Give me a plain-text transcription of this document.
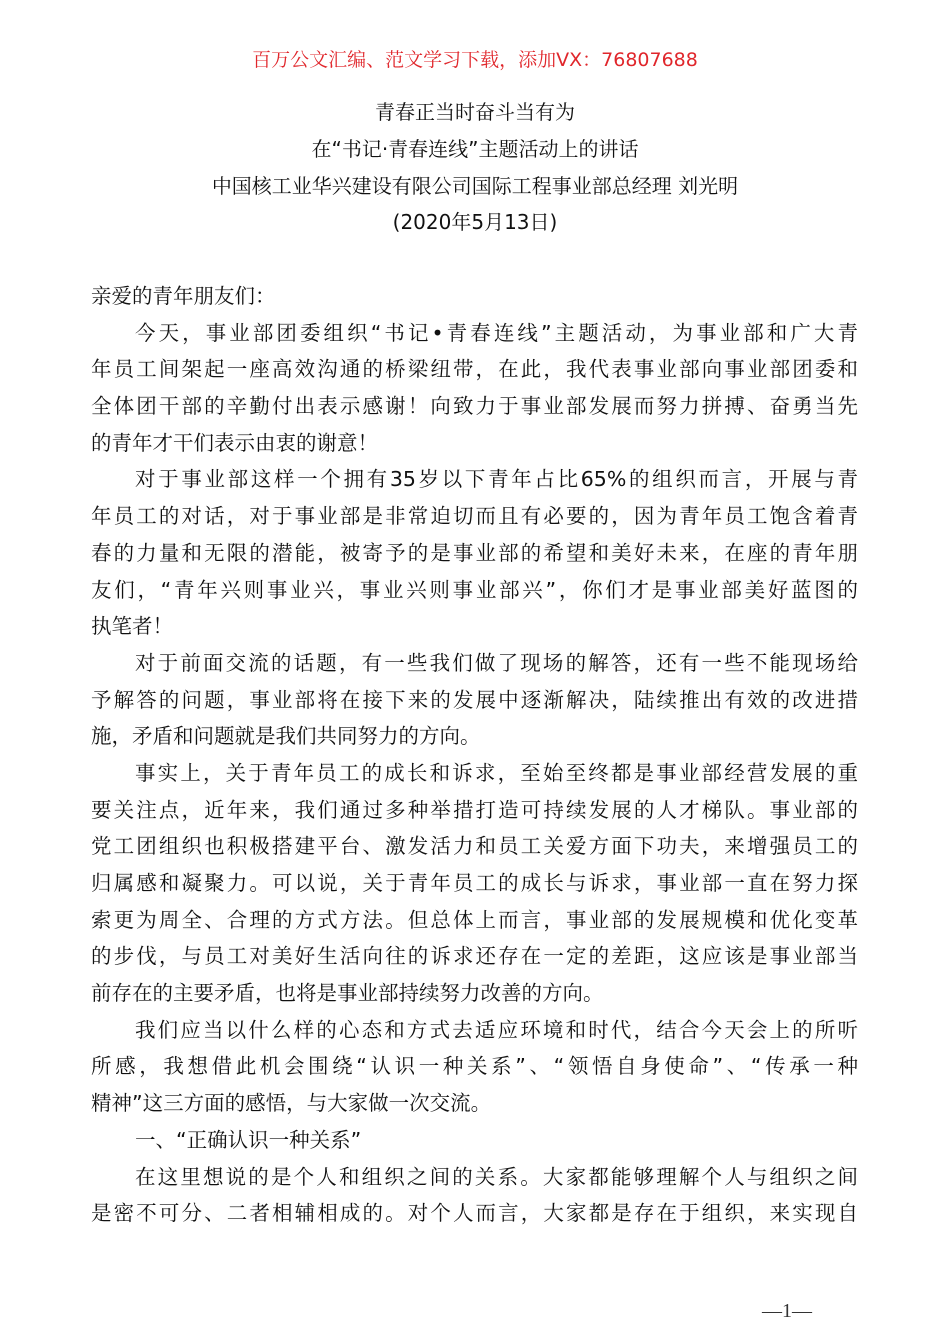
百万公文汇编、范文学习下载，添加VX：76807688
青春正当时奋斗当有为
在“书记·青春连线”主题活动上的讲话
中国核工业华兴建设有限公司国际工程事业部总经理 刘光明
(2020年5月13日)
亲爱的青年朋友们：
今天，事业部团委组织“书记•青春连线”主题活动，为事业部和广大青
年员工间架起一座高效沟通的桥梁纽带，在此，我代表事业部向事业部团委和
全体团干部的辛勤付出表示感谢！向致力于事业部发展而努力拼搏、奋勇当先
的青年才干们表示由衷的谢意！
对于事业部这样一个拥有35岁以下青年占比65%的组织而言，开展与青
年员工的对话，对于事业部是非常迫切而且有必要的，因为青年员工饱含着青
春的力量和无限的潜能，被寄予的是事业部的希望和美好未来，在座的青年朋
友们，“青年兴则事业兴，事业兴则事业部兴”，你们才是事业部美好蓝图的
执笔者！
对于前面交流的话题，有一些我们做了现场的解答，还有一些不能现场给
予解答的问题，事业部将在接下来的发展中逐渐解决，陆续推出有效的改进措
施，矛盾和问题就是我们共同努力的方向。
事实上，关于青年员工的成长和诉求，至始至终都是事业部经营发展的重
要关注点，近年来，我们通过多种举措打造可持续发展的人才梯队。事业部的
党工团组织也积极搭建平台、激发活力和员工关爱方面下功夫，来增强员工的
归属感和凝聚力。可以说，关于青年员工的成长与诉求，事业部一直在努力探
索更为周全、合理的方式方法。但总体上而言，事业部的发展规模和优化变革
的步伐，与员工对美好生活向往的诉求还存在一定的差距，这应该是事业部当
前存在的主要矛盾，也将是事业部持续努力改善的方向。
我们应当以什么样的心态和方式去适应环境和时代，结合今天会上的所听
所感，我想借此机会围绕“认识一种关系”、“领悟自身使命”、“传承一种
精神”这三方面的感悟，与大家做一次交流。
一、“正确认识一种关系”
在这里想说的是个人和组织之间的关系。大家都能够理解个人与组织之间
是密不可分、二者相辅相成的。对个人而言，大家都是存在于组织，来实现自
—1—
